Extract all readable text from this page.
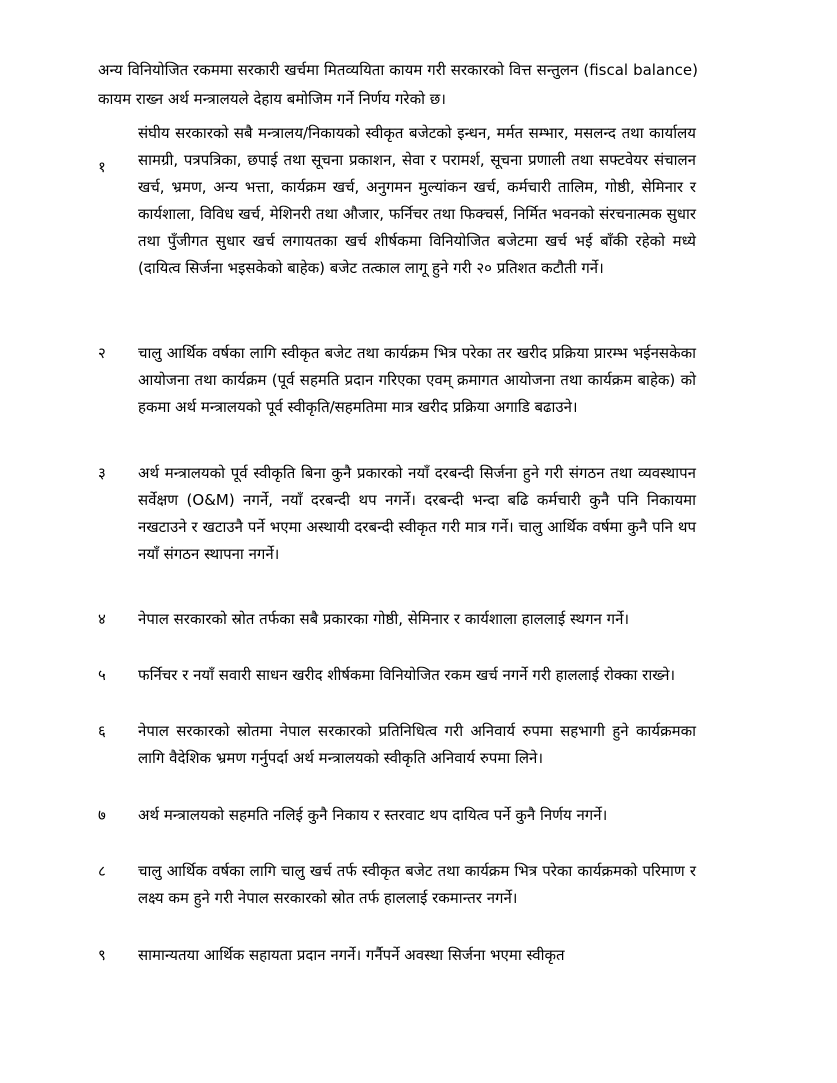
अन्य विनियोजित रकममा सरकारी खर्चमा मितव्ययिता कायम गरी सरकारको वित्त सन्तुलन (fiscal balance) कायम राख्न अर्थ मन्त्रालयले देहाय बमोजिम गर्ने निर्णय गरेको छ।

१
संघीय सरकारको सबै मन्त्रालय/निकायको स्वीकृत बजेटको इन्धन, मर्मत सम्भार, मसलन्द तथा कार्यालय सामग्री, पत्रपत्रिका, छपाई तथा सूचना प्रकाशन, सेवा र परामर्श, सूचना प्रणाली तथा सफ्टवेयर संचालन खर्च, भ्रमण, अन्य भत्ता, कार्यक्रम खर्च, अनुगमन मुल्यांकन खर्च, कर्मचारी तालिम, गोष्ठी, सेमिनार र कार्यशाला, विविध खर्च, मेशिनरी तथा औजार, फर्निचर तथा फिक्चर्स, निर्मित भवनको संरचनात्मक सुधार तथा पुँजीगत सुधार खर्च लगायतका खर्च शीर्षकमा विनियोजित बजेटमा खर्च भई बाँकी रहेको मध्ये (दायित्व सिर्जना भइसकेको बाहेक) बजेट तत्काल लागू हुने गरी २० प्रतिशत कटौती गर्ने।
२ चालु आर्थिक वर्षका लागि स्वीकृत बजेट तथा कार्यक्रम भित्र परेका तर खरीद प्रक्रिया प्रारम्भ भईनसकेका आयोजना तथा कार्यक्रम (पूर्व सहमति प्रदान गरिएका एवम् क्रमागत आयोजना तथा कार्यक्रम बाहेक) को हकमा अर्थ मन्त्रालयको पूर्व स्वीकृति/सहमतिमा मात्र खरीद प्रक्रिया अगाडि बढाउने।
३ अर्थ मन्त्रालयको पूर्व स्वीकृति बिना कुनै प्रकारको नयाँ दरबन्दी सिर्जना हुने गरी संगठन तथा व्यवस्थापन सर्वेक्षण (O&M) नगर्ने, नयाँ दरबन्दी थप नगर्ने। दरबन्दी भन्दा बढि कर्मचारी कुनै पनि निकायमा नखटाउने र खटाउनै पर्ने भएमा अस्थायी दरबन्दी स्वीकृत गरी मात्र गर्ने। चालु आर्थिक वर्षमा कुनै पनि थप नयाँ संगठन स्थापना नगर्ने।
४ नेपाल सरकारको स्रोत तर्फका सबै प्रकारका गोष्ठी, सेमिनार र कार्यशाला हाललाई स्थगन गर्ने।
५ फर्निचर र नयाँ सवारी साधन खरीद शीर्षकमा विनियोजित रकम खर्च नगर्ने गरी हाललाई रोक्का राख्ने।
६ नेपाल सरकारको स्रोतमा नेपाल सरकारको प्रतिनिधित्व गरी अनिवार्य रुपमा सहभागी हुने कार्यक्रमका लागि वैदेशिक भ्रमण गर्नुपर्दा अर्थ मन्त्रालयको स्वीकृति अनिवार्य रुपमा लिने।
७ अर्थ मन्त्रालयको सहमति नलिई कुनै निकाय र स्तरवाट थप दायित्व पर्ने कुनै निर्णय नगर्ने।
८ चालु आर्थिक वर्षका लागि चालु खर्च तर्फ स्वीकृत बजेट तथा कार्यक्रम भित्र परेका कार्यक्रमको परिमाण र लक्ष्य कम हुने गरी नेपाल सरकारको स्रोत तर्फ हाललाई रकमान्तर नगर्ने।
९ सामान्यतया आर्थिक सहायता प्रदान नगर्ने। गर्नैपर्ने अवस्था सिर्जना भएमा स्वीकृत
